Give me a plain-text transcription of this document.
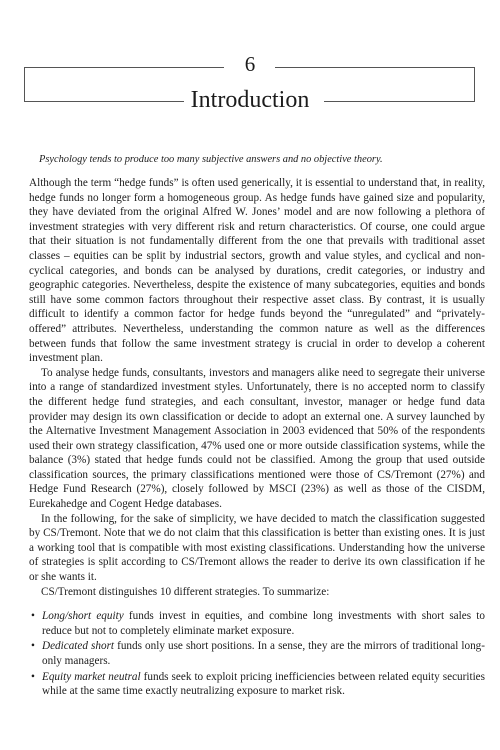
6
Introduction
Psychology tends to produce too many subjective answers and no objective theory.

Although the term “hedge funds” is often used generically, it is essential to understand that, in reality, hedge funds no longer form a homogeneous group. As hedge funds have gained size and popularity, they have deviated from the original Alfred W. Jones’ model and are now following a plethora of investment strategies with very different risk and return characteristics. Of course, one could argue that their situation is not fundamentally different from the one that prevails with traditional asset classes – equities can be split by industrial sectors, growth and value styles, and cyclical and non-cyclical categories, and bonds can be analysed by durations, credit categories, or industry and geographic categories. Nevertheless, despite the existence of many subcategories, equities and bonds still have some common factors throughout their respective asset class. By contrast, it is usually difficult to identify a common factor for hedge funds beyond the “unregulated” and “privately-offered” attributes. Nevertheless, understanding the common nature as well as the differences between funds that follow the same investment strategy is crucial in order to develop a coherent investment plan.

To analyse hedge funds, consultants, investors and managers alike need to segregate their universe into a range of standardized investment styles. Unfortunately, there is no accepted norm to classify the different hedge fund strategies, and each consultant, investor, manager or hedge fund data provider may design its own classification or decide to adopt an external one. A survey launched by the Alternative Investment Management Association in 2003 evidenced that 50% of the respondents used their own strategy classification, 47% used one or more outside classification systems, while the balance (3%) stated that hedge funds could not be classified. Among the group that used outside classification sources, the primary classifications mentioned were those of CS/Tremont (27%) and Hedge Fund Research (27%), closely followed by MSCI (23%) as well as those of the CISDM, Eurekahedge and Cogent Hedge databases.

In the following, for the sake of simplicity, we have decided to match the classification suggested by CS/Tremont. Note that we do not claim that this classification is better than existing ones. It is just a working tool that is compatible with most existing classifications. Understanding how the universe of strategies is split according to CS/Tremont allows the reader to derive its own classification if he or she wants it.

CS/Tremont distinguishes 10 different strategies. To summarize:

• Long/short equity funds invest in equities, and combine long investments with short sales to reduce but not to completely eliminate market exposure.
• Dedicated short funds only use short positions. In a sense, they are the mirrors of traditional long-only managers.
• Equity market neutral funds seek to exploit pricing inefficiencies between related equity securities while at the same time exactly neutralizing exposure to market risk.
